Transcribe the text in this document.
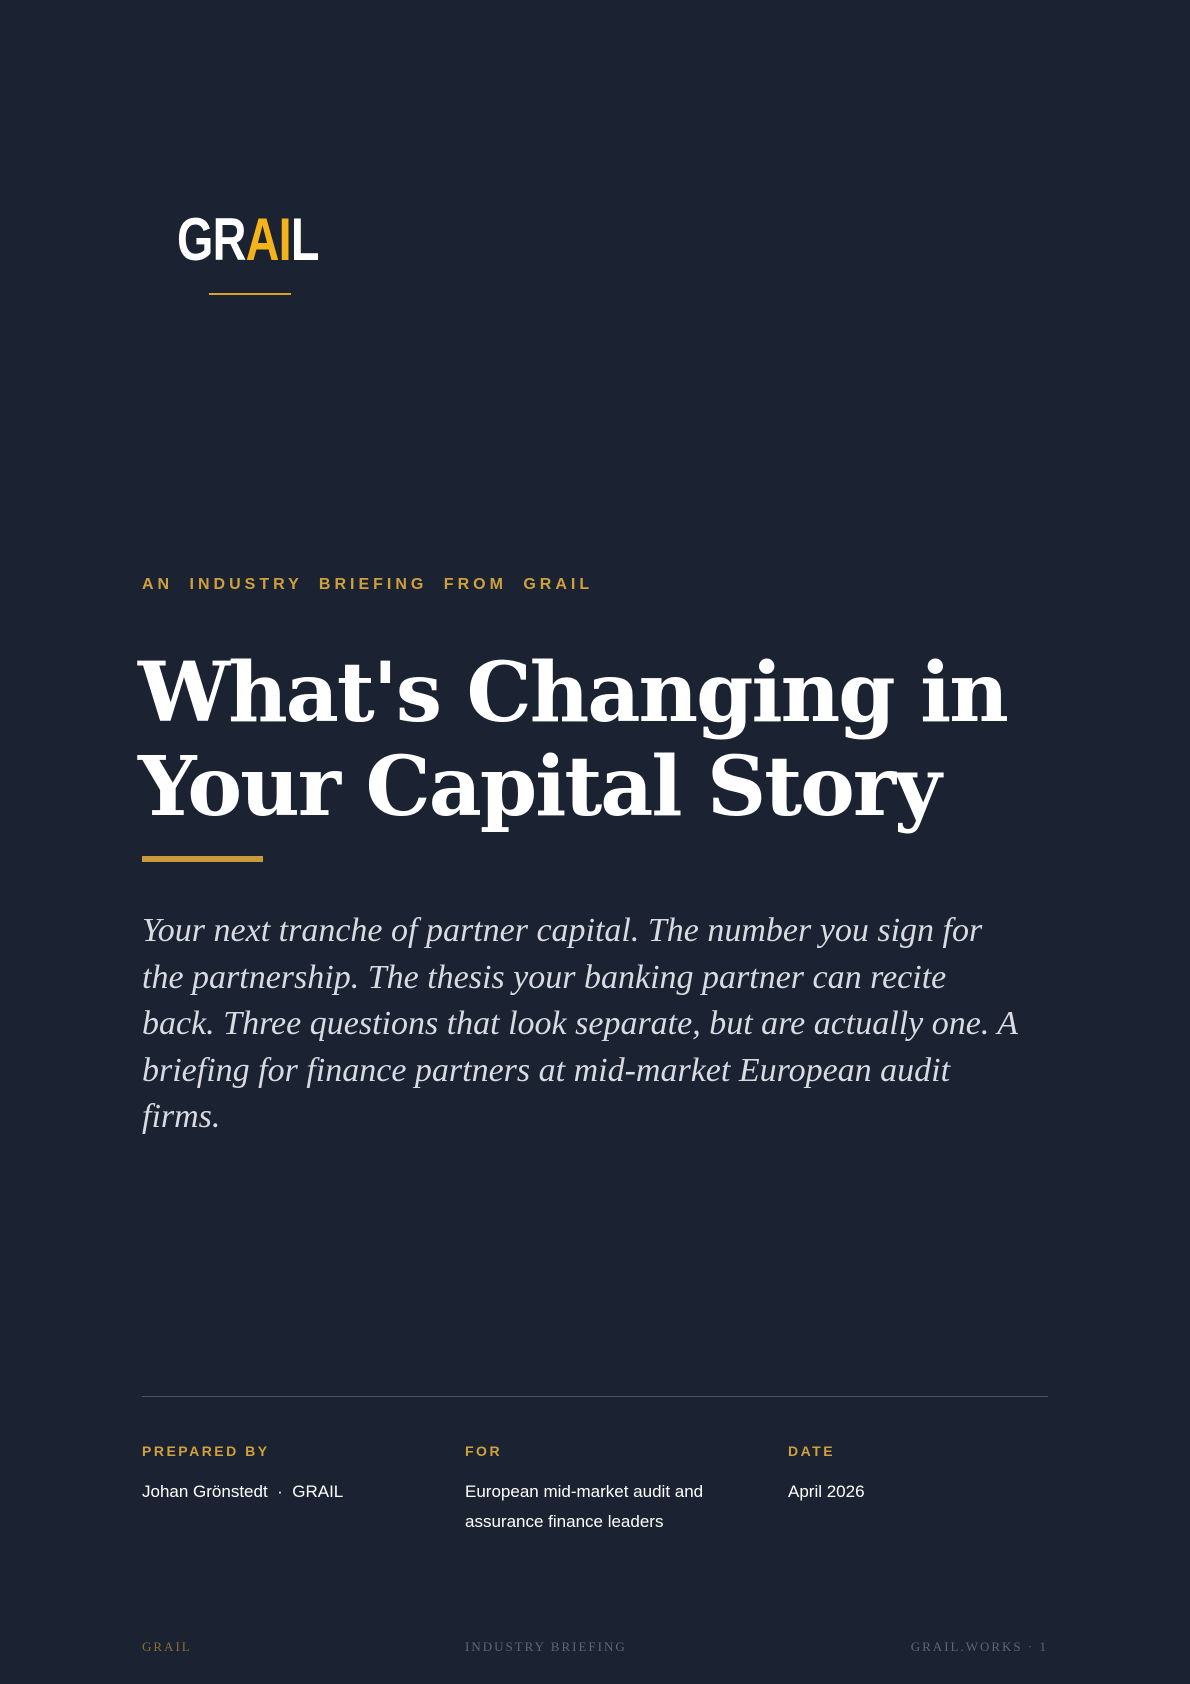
GRAIL
AN INDUSTRY BRIEFING FROM GRAIL
What's Changing in Your Capital Story

Your next tranche of partner capital. The number you sign for the partnership. The thesis your banking partner can recite back. Three questions that look separate, but are actually one. A briefing for finance partners at mid-market European audit firms.

PREPARED BY
Johan Grönstedt  ·  GRAIL
FOR
European mid-market audit and assurance finance leaders
DATE
April 2026
GRAIL	INDUSTRY BRIEFING	GRAIL.WORKS · 1
